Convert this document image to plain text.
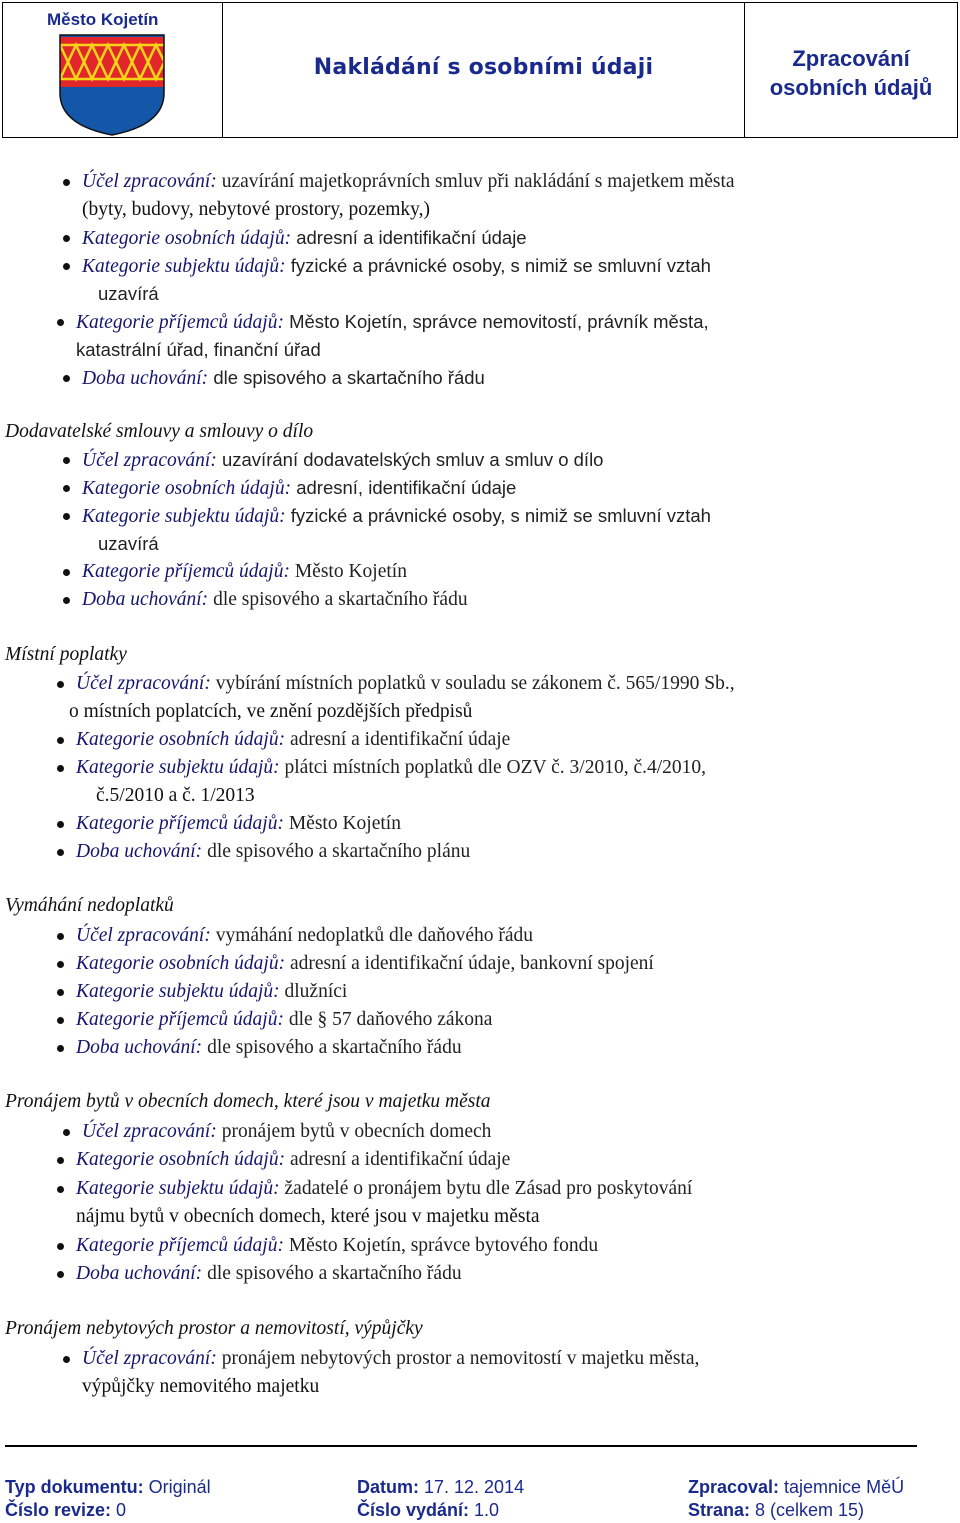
Město Kojetín
Nakládání s osobními údaji	Zpracování
osobních údajů
Účel zpracování: uzavírání majetkoprávních smluv při nakládání s majetkem města
(byty, budovy, nebytové prostory, pozemky,)
Kategorie osobních údajů: adresní a identifikační údaje
Kategorie subjektu údajů: fyzické a právnické osoby, s nimiž se smluvní vztah
uzavírá
Kategorie příjemců údajů: Město Kojetín, správce nemovitostí, právník města,
katastrální úřad, finanční úřad
Doba uchování: dle spisového a skartačního řádu
Dodavatelské smlouvy a smlouvy o dílo
Účel zpracování: uzavírání dodavatelských smluv a smluv o dílo
Kategorie osobních údajů: adresní, identifikační údaje
Kategorie subjektu údajů: fyzické a právnické osoby, s nimiž se smluvní vztah
uzavírá
Kategorie příjemců údajů: Město Kojetín
Doba uchování: dle spisového a skartačního řádu
Místní poplatky
Účel zpracování: vybírání místních poplatků v souladu se zákonem č. 565/1990 Sb.,
o místních poplatcích, ve znění pozdějších předpisů
Kategorie osobních údajů: adresní a identifikační údaje
Kategorie subjektu údajů: plátci místních poplatků dle OZV č. 3/2010, č.4/2010,
č.5/2010 a č. 1/2013
Kategorie příjemců údajů: Město Kojetín
Doba uchování: dle spisového a skartačního plánu
Vymáhání nedoplatků
Účel zpracování: vymáhání nedoplatků dle daňového řádu
Kategorie osobních údajů: adresní a identifikační údaje, bankovní spojení
Kategorie subjektu údajů: dlužníci
Kategorie příjemců údajů: dle § 57 daňového zákona
Doba uchování: dle spisového a skartačního řádu
Pronájem bytů v obecních domech, které jsou v majetku města
Účel zpracování: pronájem bytů v obecních domech
Kategorie osobních údajů: adresní a identifikační údaje
Kategorie subjektu údajů: žadatelé o pronájem bytu dle Zásad pro poskytování
nájmu bytů v obecních domech, které jsou v majetku města
Kategorie příjemců údajů: Město Kojetín, správce bytového fondu
Doba uchování: dle spisového a skartačního řádu
Pronájem nebytových prostor a nemovitostí, výpůjčky
Účel zpracování: pronájem nebytových prostor a nemovitostí v majetku města,
výpůjčky nemovitého majetku
Typ dokumentu: Originál	Datum: 17. 12. 2014	Zpracoval: tajemnice MěÚ
Číslo revize: 0	Číslo vydání: 1.0	Strana: 8 (celkem 15)
